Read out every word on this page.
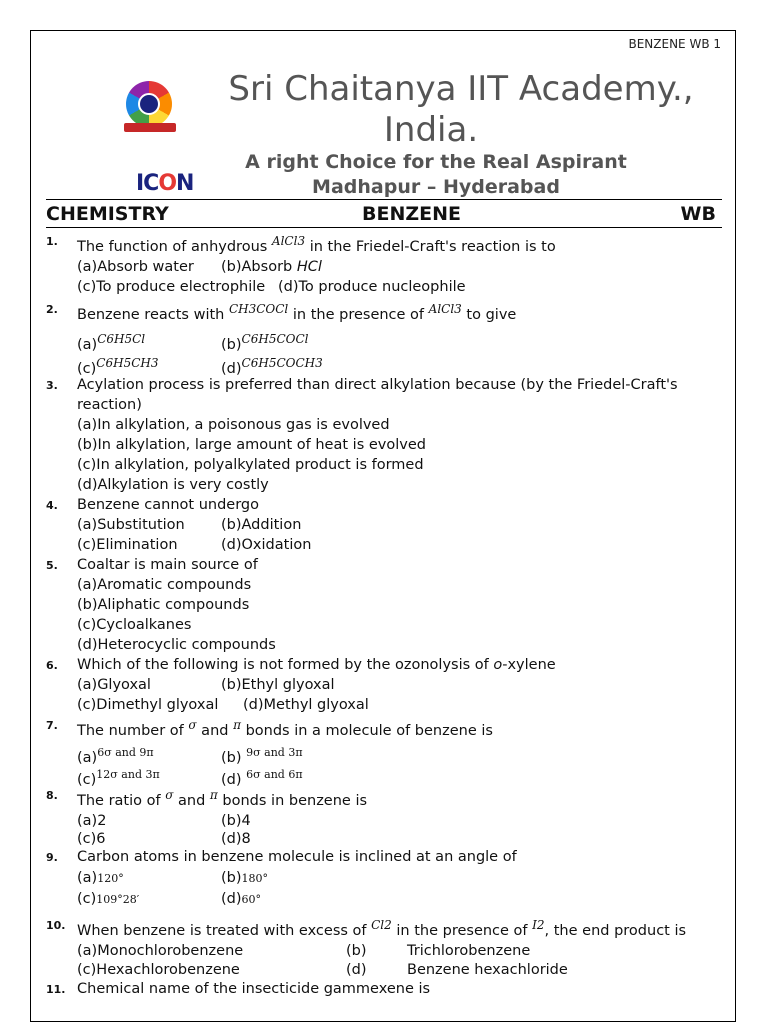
BENZENE WB 1
Sri Chaitanya IIT Academy.,
India.
A right Choice for the Real Aspirant
Madhapur – Hyderabad
ICON
CHEMISTRY	BENZENE	WB
1. The function of anhydrous $^{AlCl3}$ in the Friedel-Craft's reaction is to
(a)Absorb water (b)Absorb HCl
(c)To produce electrophile (d)To produce nucleophile
2. Benzene reacts with $^{CH3COCl}$ in the presence of $^{AlCl3}$ to give
$(a)^{C6H5Cl}$	$(b)^{C6H5COCl}$
$(c)^{C6H5CH3}$	$(d)^{C6H5COCH3}$
3. Acylation process is preferred than direct alkylation because (by the Friedel-Craft's reaction)
(a)In alkylation, a poisonous gas is evolved
(b)In alkylation, large amount of heat is evolved
(c)In alkylation, polyalkylated product is formed
(d)Alkylation is very costly
4. Benzene cannot undergo
(a)Substitution	(b)Addition
(c)Elimination	(d)Oxidation
5. Coaltar is main source of
(a)Aromatic compounds
(b)Aliphatic compounds
(c)Cycloalkanes
(d)Heterocyclic compounds
6. Which of the following is not formed by the ozonolysis of o-xylene
(a)Glyoxal	(b)Ethyl glyoxal
(c)Dimethyl glyoxal (d)Methyl glyoxal
7. The number of $^\sigma$ and $^\pi$ bonds in a molecule of benzene is
$(a)^{6\sigma and 9\pi}$	(b) $^{9\sigma and 3\pi}$
$(c)^{12\sigma and 3\pi}$	(d) $^{6\sigma and 6\pi}$
8. The ratio of $^\sigma$ and $^\pi$ bonds in benzene is
(a)2	(b)4
(c)6	(d)8
9. Carbon atoms in benzene molecule is inclined at an angle of
(a)120°	(b)180°
(c)109°28′	(d)60°
10. When benzene is treated with excess of $^{Cl2}$ in the presence of $^{I2}$, the end product is
(a)Monochlorobenzene	(b)	Trichlorobenzene
(c)Hexachlorobenzene	(d)	Benzene hexachloride
11. Chemical name of the insecticide gammexene is
